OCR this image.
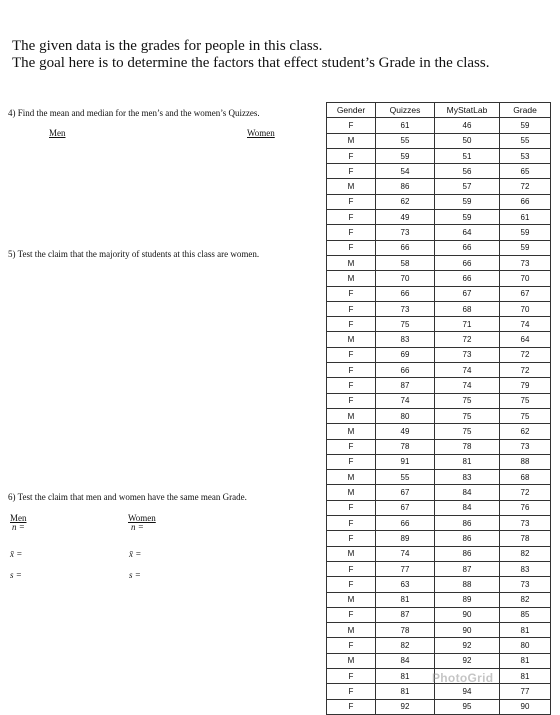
The given data is the grades for people in this class.
The goal here is to determine the factors that effect student’s Grade in the class.
4) Find the mean and median for the men’s and the women’s Quizzes.
Men	Women
5) Test the claim that the majority of students at this class are women.
6) Test the claim that men and women have the same mean Grade.
Men	Women
n =	n =
x̄ =	x̄ =
s =	s =
Gender	Quizzes	MyStatLab	Grade
F	61	46	59
M	55	50	55
F	59	51	53
F	54	56	65
M	86	57	72
F	62	59	66
F	49	59	61
F	73	64	59
F	66	66	59
M	58	66	73
M	70	66	70
F	66	67	67
F	73	68	70
F	75	71	74
M	83	72	64
F	69	73	72
F	66	74	72
F	87	74	79
F	74	75	75
M	80	75	75
M	49	75	62
F	78	78	73
F	91	81	88
M	55	83	68
M	67	84	72
F	67	84	76
F	66	86	73
F	89	86	78
M	74	86	82
F	77	87	83
F	63	88	73
M	81	89	82
F	87	90	85
M	78	90	81
F	82	92	80
M	84	92	81
F	81		81
F	81	94	77
F	92	95	90
PhotoGrid
